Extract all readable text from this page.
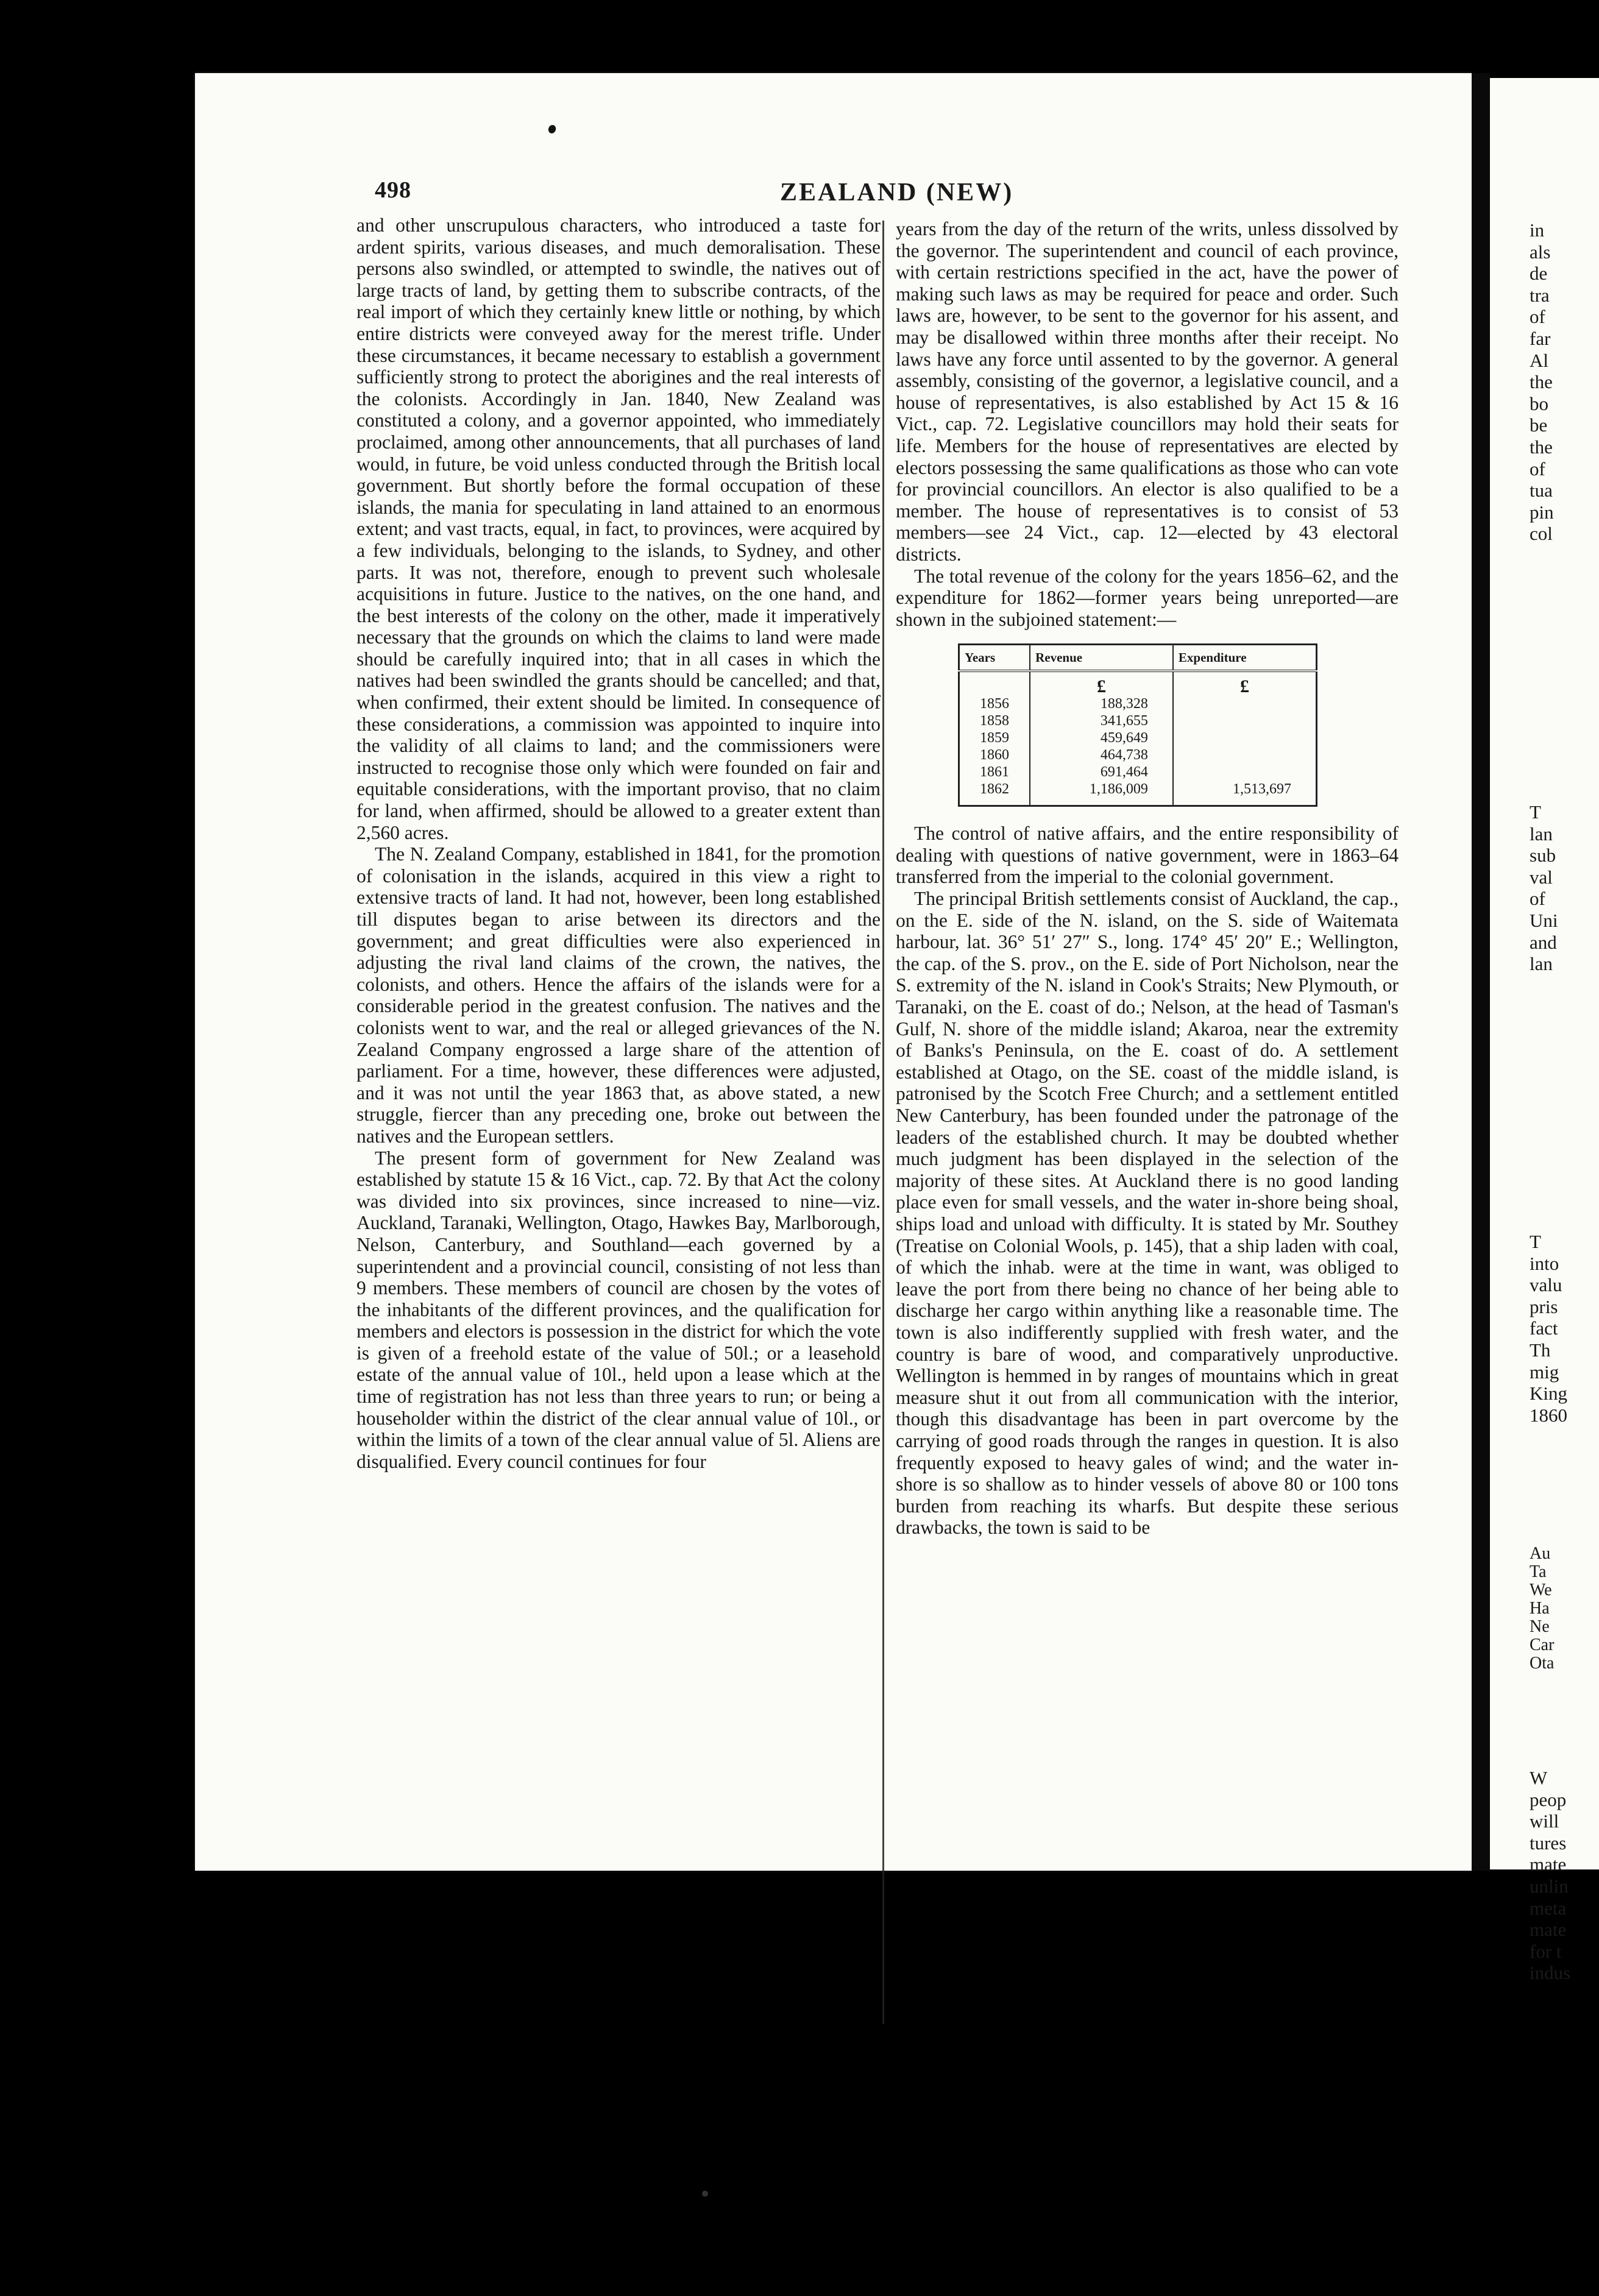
498	ZEALAND (NEW)

and other unscrupulous characters, who introduced a taste for ardent spirits, various diseases, and much demoralisation. These persons also swindled, or attempted to swindle, the natives out of large tracts of land, by getting them to subscribe contracts, of the real import of which they certainly knew little or nothing, by which entire districts were conveyed away for the merest trifle. Under these circumstances, it became necessary to establish a government sufficiently strong to protect the aborigines and the real interests of the colonists. Accordingly in Jan. 1840, New Zealand was constituted a colony, and a governor appointed, who immediately proclaimed, among other announcements, that all purchases of land would, in future, be void unless conducted through the British local government. But shortly before the formal occupation of these islands, the mania for speculating in land attained to an enormous extent; and vast tracts, equal, in fact, to provinces, were acquired by a few individuals, belonging to the islands, to Sydney, and other parts. It was not, therefore, enough to prevent such wholesale acquisitions in future. Justice to the natives, on the one hand, and the best interests of the colony on the other, made it imperatively necessary that the grounds on which the claims to land were made should be carefully inquired into; that in all cases in which the natives had been swindled the grants should be cancelled; and that, when confirmed, their extent should be limited. In consequence of these considerations, a commission was appointed to inquire into the validity of all claims to land; and the commissioners were instructed to recognise those only which were founded on fair and equitable considerations, with the important proviso, that no claim for land, when affirmed, should be allowed to a greater extent than 2,560 acres.

The N. Zealand Company, established in 1841, for the promotion of colonisation in the islands, acquired in this view a right to extensive tracts of land. It had not, however, been long established till disputes began to arise between its directors and the government; and great difficulties were also experienced in adjusting the rival land claims of the crown, the natives, the colonists, and others. Hence the affairs of the islands were for a considerable period in the greatest confusion. The natives and the colonists went to war, and the real or alleged grievances of the N. Zealand Company engrossed a large share of the attention of parliament. For a time, however, these differences were adjusted, and it was not until the year 1863 that, as above stated, a new struggle, fiercer than any preceding one, broke out between the natives and the European settlers.

The present form of government for New Zealand was established by statute 15 & 16 Vict., cap. 72. By that Act the colony was divided into six provinces, since increased to nine—viz. Auckland, Taranaki, Wellington, Otago, Hawkes Bay, Marlborough, Nelson, Canterbury, and Southland—each governed by a superintendent and a provincial council, consisting of not less than 9 members. These members of council are chosen by the votes of the inhabitants of the different provinces, and the qualification for members and electors is possession in the district for which the vote is given of a freehold estate of the value of 50l.; or a leasehold estate of the annual value of 10l., held upon a lease which at the time of registration has not less than three years to run; or being a householder within the district of the clear annual value of 10l., or within the limits of a town of the clear annual value of 5l. Aliens are disqualified. Every council continues for four

years from the day of the return of the writs, unless dissolved by the governor. The superintendent and council of each province, with certain restrictions specified in the act, have the power of making such laws as may be required for peace and order. Such laws are, however, to be sent to the governor for his assent, and may be disallowed within three months after their receipt. No laws have any force until assented to by the governor. A general assembly, consisting of the governor, a legislative council, and a house of representatives, is also established by Act 15 & 16 Vict., cap. 72. Legislative councillors may hold their seats for life. Members for the house of representatives are elected by electors possessing the same qualifications as those who can vote for provincial councillors. An elector is also qualified to be a member. The house of representatives is to consist of 53 members—see 24 Vict., cap. 12—elected by 43 electoral districts.

The total revenue of the colony for the years 1856–62, and the expenditure for 1862—former years being unreported—are shown in the subjoined statement:—

Years	Revenue	Expenditure
	£	£
1856	188,328	
1858	341,655	
1859	459,649	
1860	464,738	
1861	691,464	
1862	1,186,009	1,513,697

The control of native affairs, and the entire responsibility of dealing with questions of native government, were in 1863–64 transferred from the imperial to the colonial government.

The principal British settlements consist of Auckland, the cap., on the E. side of the N. island, on the S. side of Waitemata harbour, lat. 36° 51′ 27″ S., long. 174° 45′ 20″ E.; Wellington, the cap. of the S. prov., on the E. side of Port Nicholson, near the S. extremity of the N. island in Cook's Straits; New Plymouth, or Taranaki, on the E. coast of do.; Nelson, at the head of Tasman's Gulf, N. shore of the middle island; Akaroa, near the extremity of Banks's Peninsula, on the E. coast of do. A settlement established at Otago, on the SE. coast of the middle island, is patronised by the Scotch Free Church; and a settlement entitled New Canterbury, has been founded under the patronage of the leaders of the established church. It may be doubted whether much judgment has been displayed in the selection of the majority of these sites. At Auckland there is no good landing place even for small vessels, and the water in-shore being shoal, ships load and unload with difficulty. It is stated by Mr. Southey (Treatise on Colonial Wools, p. 145), that a ship laden with coal, of which the inhab. were at the time in want, was obliged to leave the port from there being no chance of her being able to discharge her cargo within anything like a reasonable time. The town is also indifferently supplied with fresh water, and the country is bare of wood, and comparatively unproductive. Wellington is hemmed in by ranges of mountains which in great measure shut it out from all communication with the interior, though this disadvantage has been in part overcome by the carrying of good roads through the ranges in question. It is also frequently exposed to heavy gales of wind; and the water in-shore is so shallow as to hinder vessels of above 80 or 100 tons burden from reaching its wharfs. But despite these serious drawbacks, the town is said to be

in
als
de
tra
of
far
Al
the
bo
be
the
of
tua
pin
col
T
lan
sub
val
of
Uni
and
lan
T
into
valu
pris
fact
Th
mig
King
1860
Au
Ta
We
Ha
Ne
Car
Ota
W
peop
will
tures
mate
unlin
meta
mate
for t
indus
